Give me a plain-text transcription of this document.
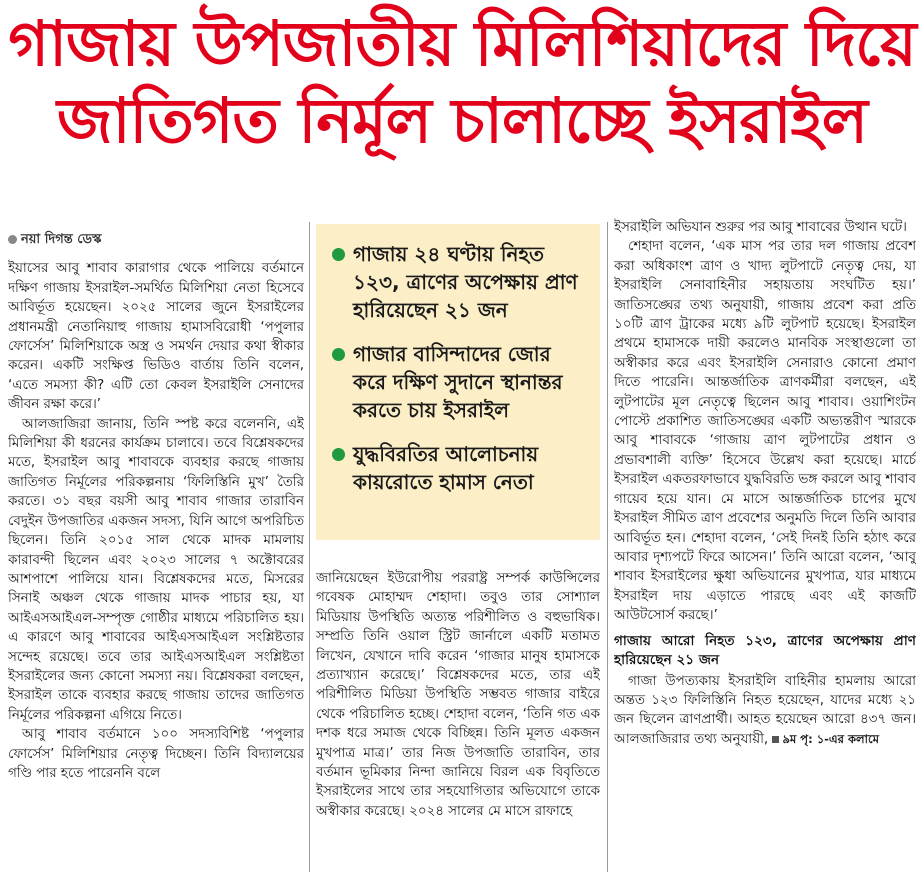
গাজায় উপজাতীয় মিলিশিয়াদের দিয়ে
জাতিগত নির্মূল চালাচ্ছে ইসরাইল
নয়া দিগন্ত ডেস্ক

ইয়াসের আবু শাবাব কারাগার থেকে পালিয়ে বর্তমানে দক্ষিণ গাজায় ইসরাইল-সমর্থিত মিলিশিয়া নেতা হিসেবে আবির্ভূত হয়েছেন। ২০২৫ সালের জুনে ইসরাইলের প্রধানমন্ত্রী নেতানিয়াহু গাজায় হামাসবিরোধী ‘পপুলার ফোর্সেস’ মিলিশিয়াকে অস্ত্র ও সমর্থন দেয়ার কথা স্বীকার করেন। একটি সংক্ষিপ্ত ভিডিও বার্তায় তিনি বলেন, ‘এতে সমস্যা কী? এটি তো কেবল ইসরাইলি সেনাদের জীবন রক্ষা করে।’

আলজাজিরা জানায়, তিনি স্পষ্ট করে বলেননি, এই মিলিশিয়া কী ধরনের কার্যক্রম চালাবে। তবে বিশ্লেষকদের মতে, ইসরাইল আবু শাবাবকে ব্যবহার করছে গাজায় জাতিগত নির্মূলের পরিকল্পনায় ‘ফিলিস্তিনি মুখ’ তৈরি করতে। ৩১ বছর বয়সী আবু শাবাব গাজার তারাবিন বেদুইন উপজাতির একজন সদস্য, যিনি আগে অপরিচিত ছিলেন। তিনি ২০১৫ সাল থেকে মাদক মামলায় কারাবন্দী ছিলেন এবং ২০২৩ সালের ৭ অক্টোবরের আশপাশে পালিয়ে যান। বিশ্লেষকদের মতে, মিসরের সিনাই অঞ্চল থেকে গাজায় মাদক পাচার হয়, যা আইএসআইএল-সম্পৃক্ত গোষ্ঠীর মাধ্যমে পরিচালিত হয়। এ কারণে আবু শাবাবের আইএসআইএল সংশ্লিষ্টতার সন্দেহ রয়েছে। তবে তার আইএসআইএল সংশ্লিষ্টতা ইসরাইলের জন্য কোনো সমস্যা নয়। বিশ্লেষকরা বলছেন, ইসরাইল তাকে ব্যবহার করছে গাজায় তাদের জাতিগত নির্মূলের পরিকল্পনা এগিয়ে নিতে।

আবু শাবাব বর্তমানে ১০০ সদস্যবিশিষ্ট ‘পপুলার ফোর্সেস’ মিলিশিয়ার নেতৃত্ব দিচ্ছেন। তিনি বিদ্যালয়ের গণ্ডি পার হতে পারেননি বলে

গাজায় ২৪ ঘণ্টায় নিহত ১২৩, ত্রাণের অপেক্ষায় প্রাণ হারিয়েছেন ২১ জন
গাজার বাসিন্দাদের জোর করে দক্ষিণ সুদানে স্থানান্তর করতে চায় ইসরাইল
যুদ্ধবিরতির আলোচনায় কায়রোতে হামাস নেতা

জানিয়েছেন ইউরোপীয় পররাষ্ট্র সম্পর্ক কাউন্সিলের গবেষক মোহাম্মদ শেহাদা। তবুও তার সোশ্যাল মিডিয়ায় উপস্থিতি অত্যন্ত পরিশীলিত ও বহুভাষিক। সম্প্রতি তিনি ওয়াল স্ট্রিট জার্নালে একটি মতামত লিখেন, যেখানে দাবি করেন ‘গাজার মানুষ হামাসকে প্রত্যাখ্যান করেছে।’ বিশ্লেষকদের মতে, তার এই পরিশীলিত মিডিয়া উপস্থিতি সম্ভবত গাজার বাইরে থেকে পরিচালিত হচ্ছে। শেহাদা বলেন, ‘তিনি গত এক দশক ধরে সমাজ থেকে বিচ্ছিন্ন। তিনি মূলত একজন মুখপাত্র মাত্র।’ তার নিজ উপজাতি তারাবিন, তার বর্তমান ভূমিকার নিন্দা জানিয়ে বিরল এক বিবৃতিতে ইসরাইলের সাথে তার সহযোগিতার অভিযোগে তাকে অস্বীকার করেছে। ২০২৪ সালের মে মাসে রাফাহে

ইসরাইলি অভিযান শুরুর পর আবু শাবাবের উত্থান ঘটে।

শেহাদা বলেন, ‘এক মাস পর তার দল গাজায় প্রবেশ করা অধিকাংশ ত্রাণ ও খাদ্য লুটপাটে নেতৃত্ব দেয়, যা ইসরাইলি সেনাবাহিনীর সহায়তায় সংঘটিত হয়।’ জাতিসঙ্ঘের তথ্য অনুযায়ী, গাজায় প্রবেশ করা প্রতি ১০টি ত্রাণ ট্রাকের মধ্যে ৯টি লুটপাট হয়েছে। ইসরাইল প্রথমে হামাসকে দায়ী করলেও মানবিক সংস্থাগুলো তা অস্বীকার করে এবং ইসরাইলি সেনারাও কোনো প্রমাণ দিতে পারেনি। আন্তর্জাতিক ত্রাণকর্মীরা বলছেন, এই লুটপাটের মূল নেতৃত্বে ছিলেন আবু শাবাব। ওয়াশিংটন পোস্টে প্রকাশিত জাতিসঙ্ঘের একটি অভ্যন্তরীণ স্মারকে আবু শাবাবকে ‘গাজায় ত্রাণ লুটপাটের প্রধান ও প্রভাবশালী ব্যক্তি’ হিসেবে উল্লেখ করা হয়েছে। মার্চে ইসরাইল একতরফাভাবে যুদ্ধবিরতি ভঙ্গ করলে আবু শাবাব গায়েব হয়ে যান। মে মাসে আন্তর্জাতিক চাপের মুখে ইসরাইল সীমিত ত্রাণ প্রবেশের অনুমতি দিলে তিনি আবার আবির্ভূত হন। শেহাদা বলেন, ‘সেই দিনই তিনি হঠাৎ করে আবার দৃশ্যপটে ফিরে আসেন।’ তিনি আরো বলেন, ‘আবু শাবাব ইসরাইলের ক্ষুধা অভিযানের মুখপাত্র, যার মাধ্যমে ইসরাইল দায় এড়াতে পারছে এবং এই কাজটি আউটসোর্স করছে।’

গাজায় আরো নিহত ১২৩, ত্রাণের অপেক্ষায় প্রাণ হারিয়েছেন ২১ জন

গাজা উপত্যকায় ইসরাইলি বাহিনীর হামলায় আরো অন্তত ১২৩ ফিলিস্তিনি নিহত হয়েছেন, যাদের মধ্যে ২১ জন ছিলেন ত্রাণপ্রার্থী। আহত হয়েছেন আরো ৪৩৭ জন। আলজাজিরার তথ্য অনুযায়ী, ৯ম পৃ: ১-এর কলামে
